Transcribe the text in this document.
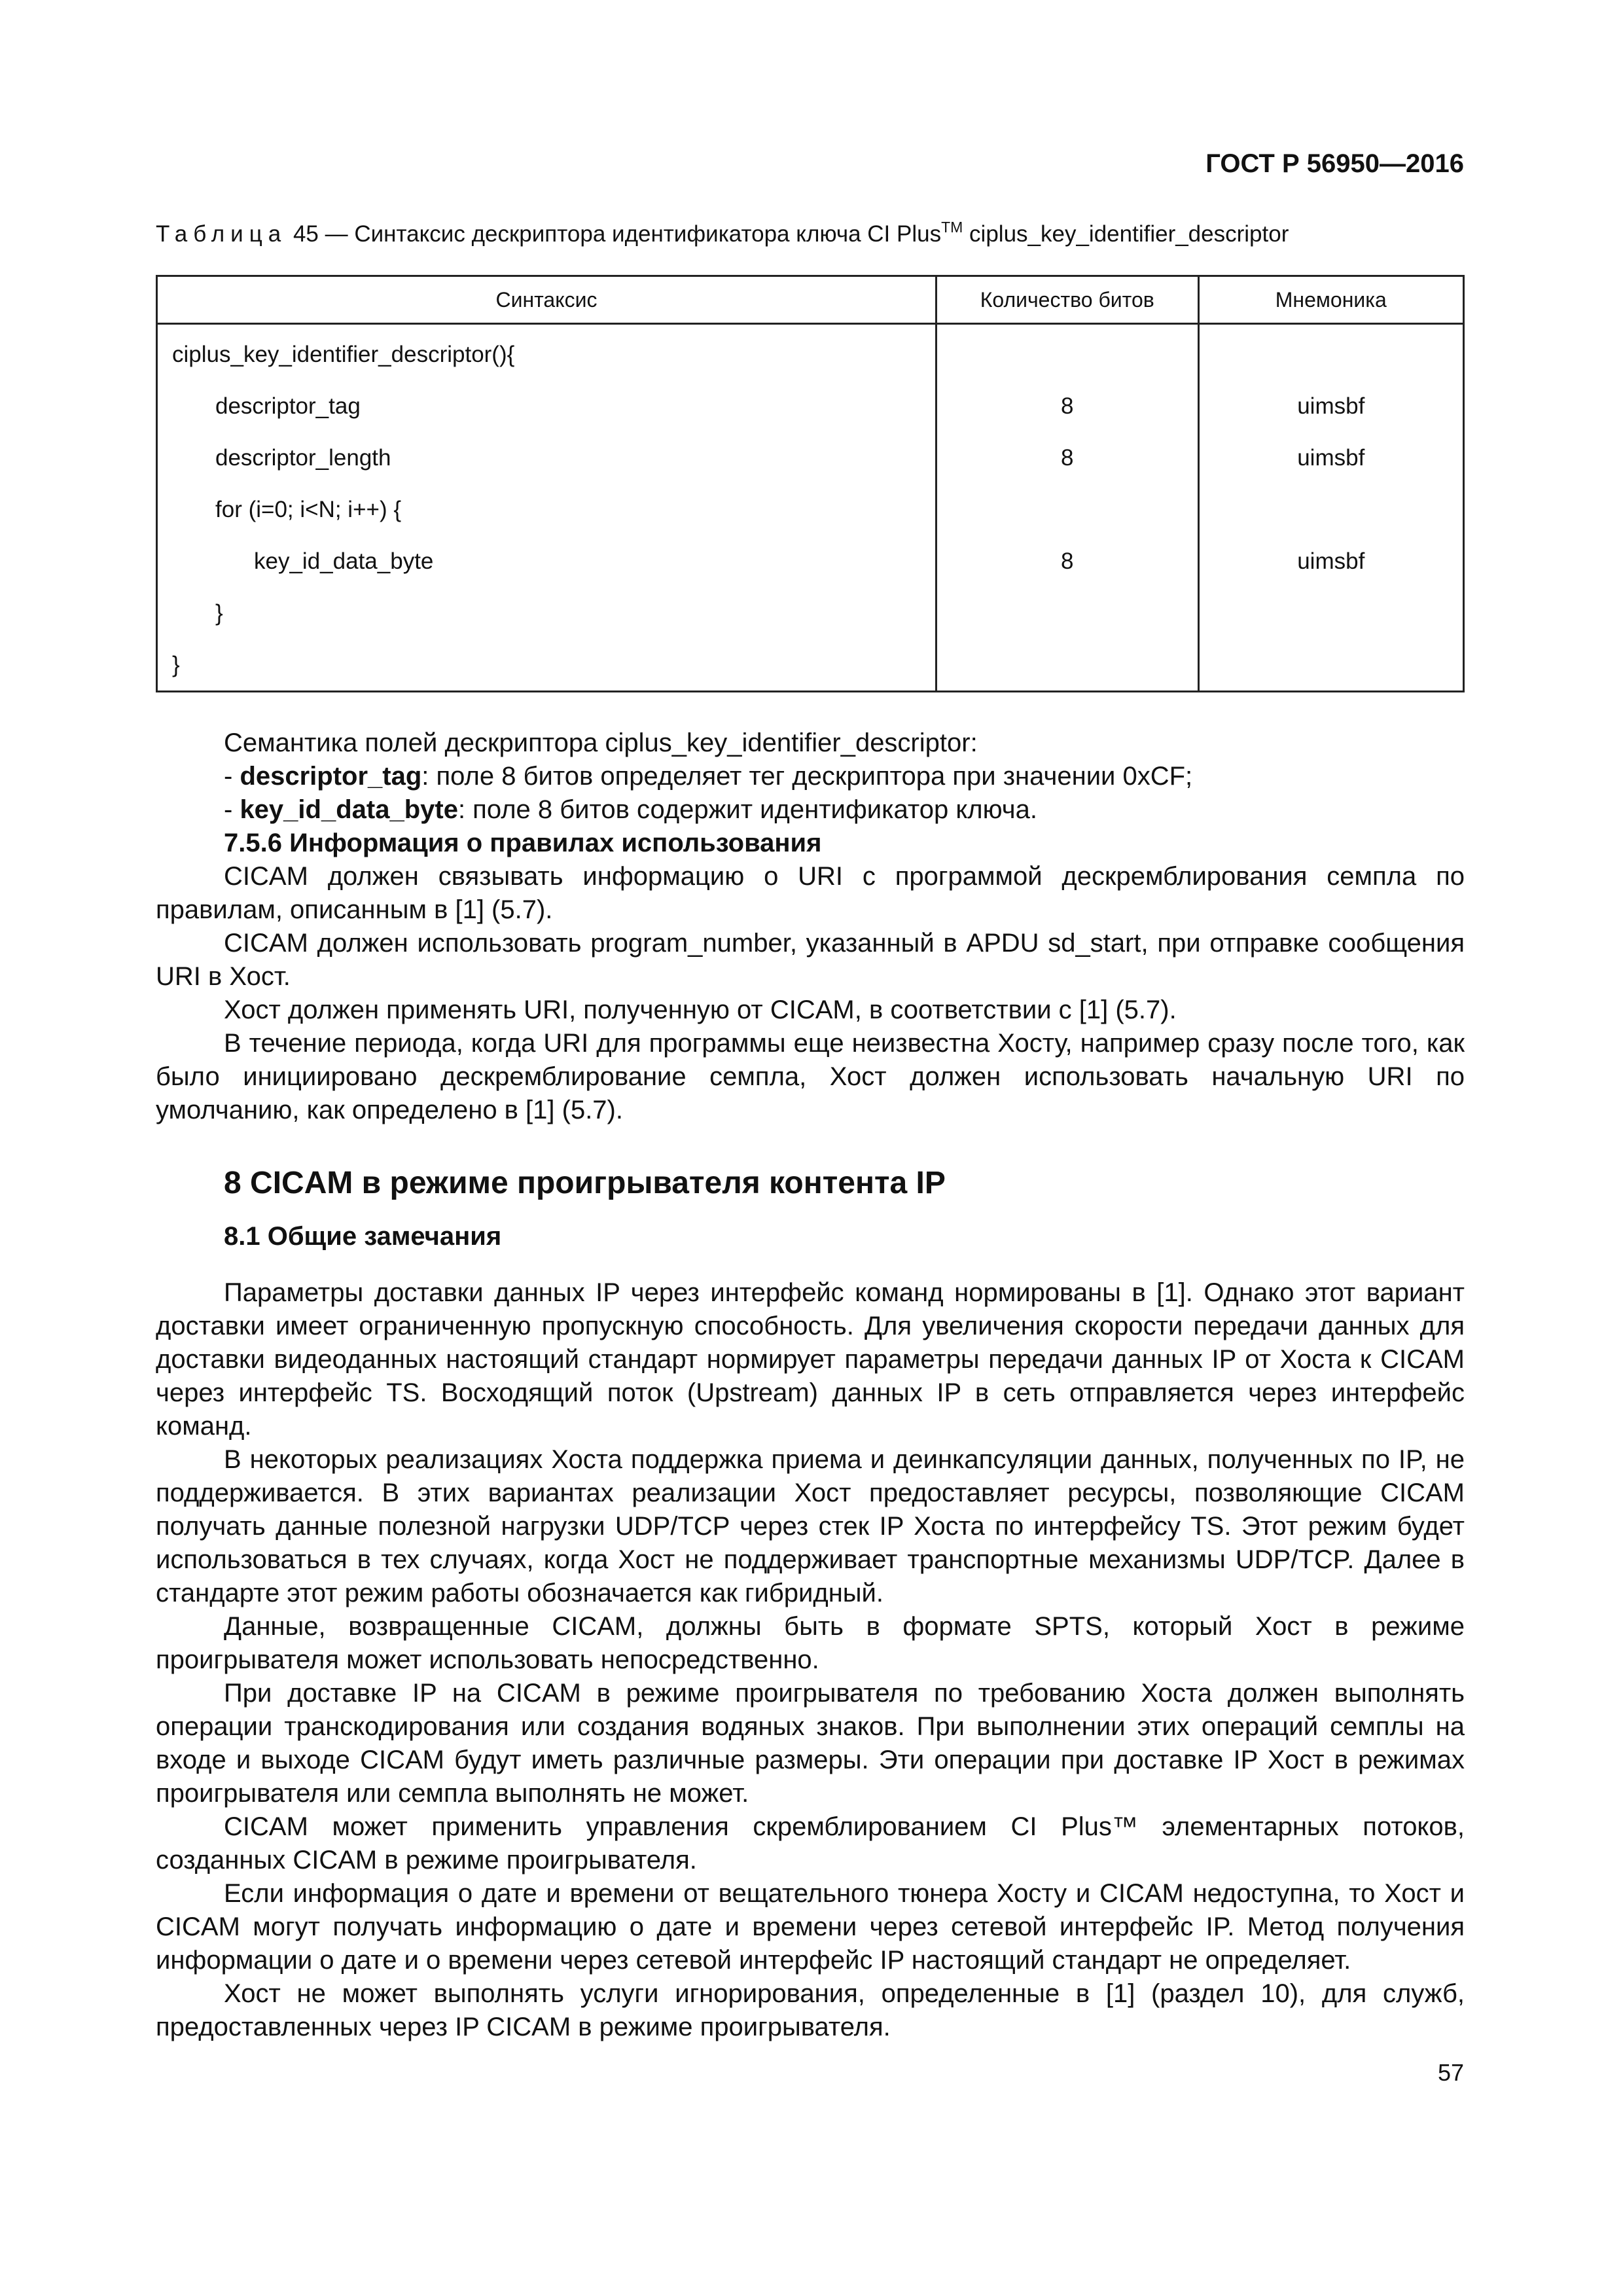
ГОСТ Р 56950—2016
Таблица 45 — Синтаксис дескриптора идентификатора ключа CI Plus™ ciplus_key_identifier_descriptor
Синтаксис	Количество битов	Мнемоника
ciplus_key_identifier_descriptor(){		
descriptor_tag	8	uimsbf
descriptor_length	8	uimsbf
for (i=0; i<N; i++) {		
key_id_data_byte	8	uimsbf
}		
}		

Семантика полей дескриптора ciplus_key_identifier_descriptor:

- descriptor_tag: поле 8 битов определяет тег дескриптора при значении 0xCF;

- key_id_data_byte: поле 8 битов содержит идентификатор ключа.

7.5.6 Информация о правилах использования

CICAM должен связывать информацию о URI с программой дескремблирования семпла по правилам, описанным в [1] (5.7).

CICAM должен использовать program_number, указанный в APDU sd_start, при отправке сообщения URI в Хост.

Хост должен применять URI, полученную от CICAM, в соответствии с [1] (5.7).

В течение периода, когда URI для программы еще неизвестна Хосту, например сразу после того, как было инициировано дескремблирование семпла, Хост должен использовать начальную URI по умолчанию, как определено в [1] (5.7).

8 CICAM в режиме проигрывателя контента IP
8.1 Общие замечания

Параметры доставки данных IP через интерфейс команд нормированы в [1]. Однако этот вариант доставки имеет ограниченную пропускную способность. Для увеличения скорости передачи данных для доставки видеоданных настоящий стандарт нормирует параметры передачи данных IP от Хоста к CICAM через интерфейс TS. Восходящий поток (Upstream) данных IP в сеть отправляется через интерфейс команд.

В некоторых реализациях Хоста поддержка приема и деинкапсуляции данных, полученных по IP, не поддерживается. В этих вариантах реализации Хост предоставляет ресурсы, позволяющие CICAM получать данные полезной нагрузки UDP/TCP через стек IP Хоста по интерфейсу TS. Этот режим будет использоваться в тех случаях, когда Хост не поддерживает транспортные механизмы UDP/TCP. Далее в стандарте этот режим работы обозначается как гибридный.

Данные, возвращенные CICAM, должны быть в формате SPTS, который Хост в режиме проигрывателя может использовать непосредственно.

При доставке IP на CICAM в режиме проигрывателя по требованию Хоста должен выполнять операции транскодирования или создания водяных знаков. При выполнении этих операций семплы на входе и выходе CICAM будут иметь различные размеры. Эти операции при доставке IP Хост в режимах проигрывателя или семпла выполнять не может.

CICAM может применить управления скремблированием CI Plus™ элементарных потоков, созданных CICAM в режиме проигрывателя.

Если информация о дате и времени от вещательного тюнера Хосту и CICAM недоступна, то Хост и CICAM могут получать информацию о дате и времени через сетевой интерфейс IP. Метод получения информации о дате и о времени через сетевой интерфейс IP настоящий стандарт не определяет.

Хост не может выполнять услуги игнорирования, определенные в [1] (раздел 10), для служб, предоставленных через IP CICAM в режиме проигрывателя.

57
